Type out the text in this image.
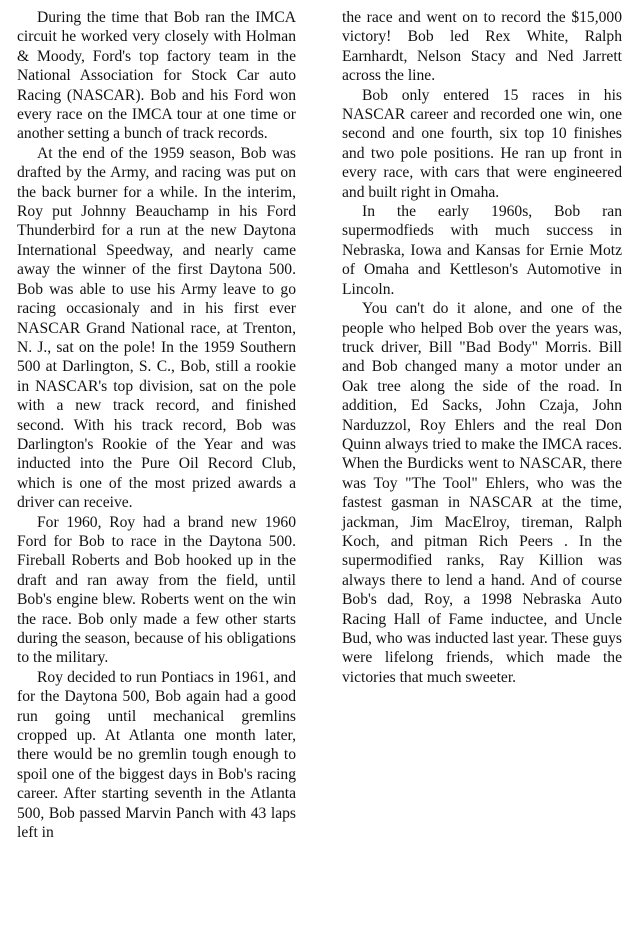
During the time that Bob ran the IMCA circuit he worked very closely with Holman & Moody, Ford's top factory team in the National Association for Stock Car auto Racing (NASCAR). Bob and his Ford won every race on the IMCA tour at one time or another setting a bunch of track records.

At the end of the 1959 season, Bob was drafted by the Army, and racing was put on the back burner for a while. In the interim, Roy put Johnny Beauchamp in his Ford Thunderbird for a run at the new Daytona International Speedway, and nearly came away the winner of the first Daytona 500. Bob was able to use his Army leave to go racing occasionaly and in his first ever NASCAR Grand National race, at Trenton, N. J., sat on the pole! In the 1959 Southern 500 at Darlington, S. C., Bob, still a rookie in NASCAR's top division, sat on the pole with a new track record, and finished second. With his track record, Bob was Darlington's Rookie of the Year and was inducted into the Pure Oil Record Club, which is one of the most prized awards a driver can receive.

For 1960, Roy had a brand new 1960 Ford for Bob to race in the Daytona 500. Fireball Roberts and Bob hooked up in the draft and ran away from the field, until Bob's engine blew. Roberts went on the win the race. Bob only made a few other starts during the season, because of his obligations to the military.

Roy decided to run Pontiacs in 1961, and for the Daytona 500, Bob again had a good run going until mechanical gremlins cropped up. At Atlanta one month later, there would be no gremlin tough enough to spoil one of the biggest days in Bob's racing career. After starting seventh in the Atlanta 500, Bob passed Marvin Panch with 43 laps left in

the race and went on to record the $15,000 victory! Bob led Rex White, Ralph Earnhardt, Nelson Stacy and Ned Jarrett across the line.

Bob only entered 15 races in his NASCAR career and recorded one win, one second and one fourth, six top 10 finishes and two pole positions. He ran up front in every race, with cars that were engineered and built right in Omaha.

In the early 1960s, Bob ran supermodfieds with much success in Nebraska, Iowa and Kansas for Ernie Motz of Omaha and Kettleson's Automotive in Lincoln.

You can't do it alone, and one of the people who helped Bob over the years was, truck driver, Bill "Bad Body" Morris. Bill and Bob changed many a motor under an Oak tree along the side of the road. In addition, Ed Sacks, John Czaja, John Narduzzol, Roy Ehlers and the real Don Quinn always tried to make the IMCA races. When the Burdicks went to NASCAR, there was Toy "The Tool" Ehlers, who was the fastest gasman in NASCAR at the time, jackman, Jim MacElroy, tireman, Ralph Koch, and pitman Rich Peers . In the supermodified ranks, Ray Killion was always there to lend a hand. And of course Bob's dad, Roy, a 1998 Nebraska Auto Racing Hall of Fame inductee, and Uncle Bud, who was inducted last year. These guys were lifelong friends, which made the victories that much sweeter.
